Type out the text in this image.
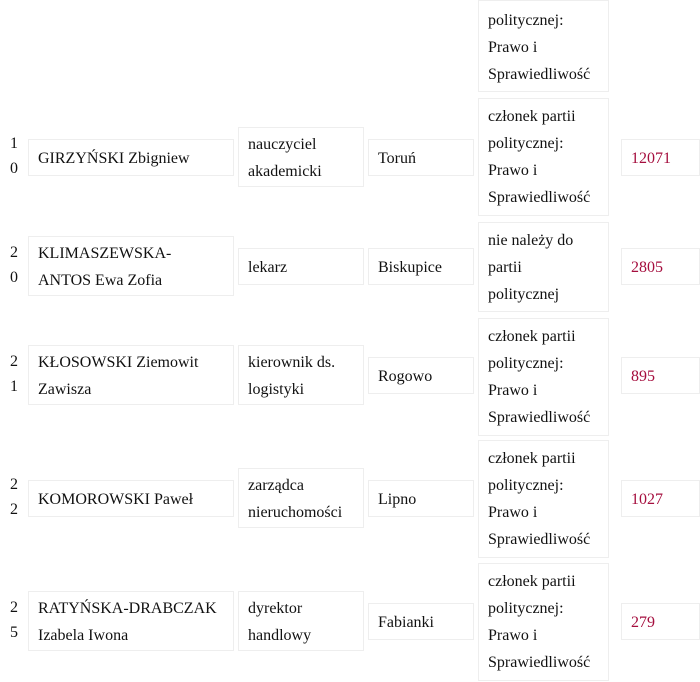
politycznej:
Prawo i
Sprawiedliwość
1
0
GIRZYŃSKI Zbigniew
nauczyciel
akademicki
Toruń
członek partii
politycznej:
Prawo i
Sprawiedliwość
12071
2
0
KLIMASZEWSKA-
ANTOS Ewa Zofia
lekarz	Biskupice
nie należy do
partii
politycznej
2805
2
1
KŁOSOWSKI Ziemowit
Zawisza
kierownik ds.
logistyki
Rogowo
członek partii
politycznej:
Prawo i
Sprawiedliwość
895
2
2
KOMOROWSKI Paweł
zarządca
nieruchomości
Lipno
członek partii
politycznej:
Prawo i
Sprawiedliwość
1027
2
5
RATYŃSKA-DRABCZAK
Izabela Iwona
dyrektor
handlowy
Fabianki
członek partii
politycznej:
Prawo i
Sprawiedliwość
279
